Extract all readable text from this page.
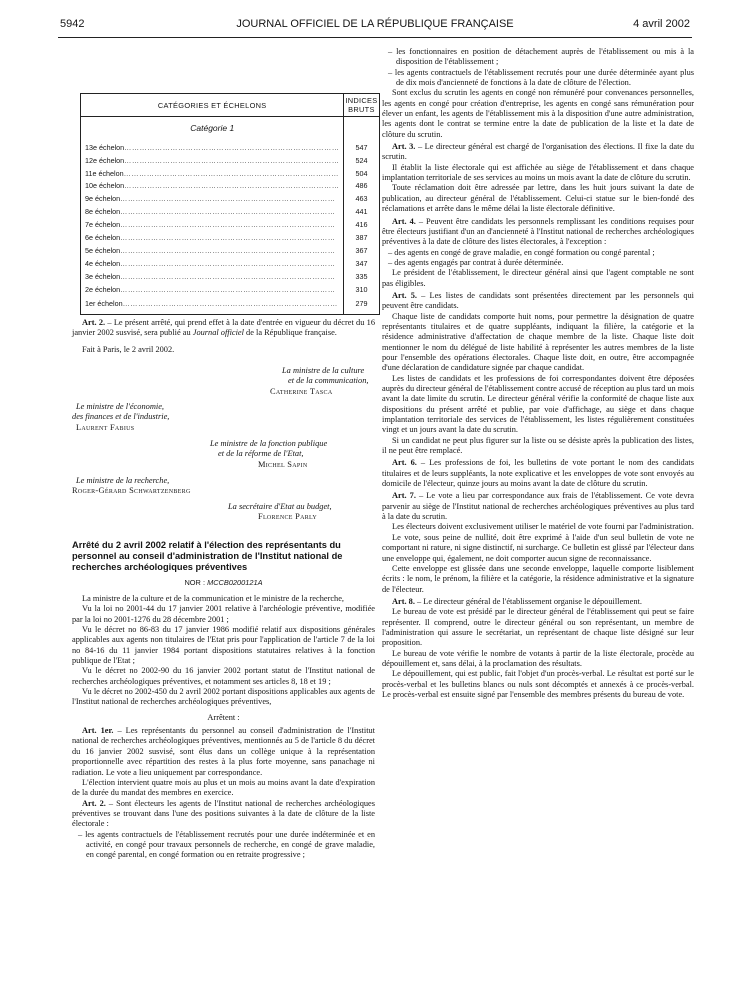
5942	JOURNAL OFFICIEL DE LA RÉPUBLIQUE FRANÇAISE	4 avril 2002
CATÉGORIES ET ÉCHELONS	INDICES BRUTS
Catégorie 1	
13e échelon…………………………………………………………………………	547
12e échelon…………………………………………………………………………	524
11e échelon…………………………………………………………………………	504
10e échelon…………………………………………………………………………	486
9e échelon…………………………………………………………………………	463
8e échelon…………………………………………………………………………	441
7e échelon…………………………………………………………………………	416
6e échelon…………………………………………………………………………	387
5e échelon…………………………………………………………………………	367
4e échelon…………………………………………………………………………	347
3e échelon…………………………………………………………………………	335
2e échelon…………………………………………………………………………	310
1er échelon…………………………………………………………………………	279

Art. 2. – Le présent arrêté, qui prend effet à la date d'entrée en vigueur du décret du 16 janvier 2002 susvisé, sera publié au Journal officiel de la République française.

Fait à Paris, le 2 avril 2002.

La ministre de la culture
et de la communication,
Catherine Tasca
Le ministre de l'économie,
des finances et de l'industrie,
Laurent Fabius
Le ministre de la fonction publique
et de la réforme de l'Etat,
Michel Sapin
Le ministre de la recherche,
Roger-Gérard Schwartzenberg
La secrétaire d'Etat au budget,
Florence Parly
Arrêté du 2 avril 2002 relatif à l'élection des représentants du personnel au conseil d'administration de l'Institut national de recherches archéologiques préventives
NOR : MCCB0200121A

La ministre de la culture et de la communication et le ministre de la recherche,

Vu la loi no 2001-44 du 17 janvier 2001 relative à l'archéologie préventive, modifiée par la loi no 2001-1276 du 28 décembre 2001 ;

Vu le décret no 86-83 du 17 janvier 1986 modifié relatif aux dispositions générales applicables aux agents non titulaires de l'Etat pris pour l'application de l'article 7 de la loi no 84-16 du 11 janvier 1984 portant dispositions statutaires relatives à la fonction publique de l'Etat ;

Vu le décret no 2002-90 du 16 janvier 2002 portant statut de l'Institut national de recherches archéologiques préventives, et notamment ses articles 8, 18 et 19 ;

Vu le décret no 2002-450 du 2 avril 2002 portant dispositions applicables aux agents de l'Institut national de recherches archéologiques préventives,

Arrêtent :

Art. 1er. – Les représentants du personnel au conseil d'administration de l'Institut national de recherches archéologiques préventives, mentionnés au 5 de l'article 8 du décret du 16 janvier 2002 susvisé, sont élus dans un collège unique à la représentation proportionnelle avec répartition des restes à la plus forte moyenne, sans panachage ni radiation. Le vote a lieu uniquement par correspondance.

L'élection intervient quatre mois au plus et un mois au moins avant la date d'expiration de la durée du mandat des membres en exercice.

Art. 2. – Sont électeurs les agents de l'Institut national de recherches archéologiques préventives se trouvant dans l'une des positions suivantes à la date de clôture de la liste électorale :

– les agents contractuels de l'établissement recrutés pour une durée indéterminée et en activité, en congé pour travaux personnels de recherche, en congé de grave maladie, en congé parental, en congé formation ou en retraite progressive ;

– les fonctionnaires en position de détachement auprès de l'établissement ou mis à la disposition de l'établissement ;

– les agents contractuels de l'établissement recrutés pour une durée déterminée ayant plus de dix mois d'ancienneté de fonctions à la date de clôture de l'élection.

Sont exclus du scrutin les agents en congé non rémunéré pour convenances personnelles, les agents en congé pour création d'entreprise, les agents en congé sans rémunération pour élever un enfant, les agents de l'établissement mis à la disposition d'une autre administration, les agents dont le contrat se termine entre la date de publication de la liste et la date de clôture du scrutin.

Art. 3. – Le directeur général est chargé de l'organisation des élections. Il fixe la date du scrutin.

Il établit la liste électorale qui est affichée au siège de l'établissement et dans chaque implantation territoriale de ses services au moins un mois avant la date de clôture du scrutin.

Toute réclamation doit être adressée par lettre, dans les huit jours suivant la date de publication, au directeur général de l'établissement. Celui-ci statue sur le bien-fondé des réclamations et arrête dans le même délai la liste électorale définitive.

Art. 4. – Peuvent être candidats les personnels remplissant les conditions requises pour être électeurs justifiant d'un an d'ancienneté à l'Institut national de recherches archéologiques préventives à la date de clôture des listes électorales, à l'exception :

– des agents en congé de grave maladie, en congé formation ou congé parental ;

– des agents engagés par contrat à durée déterminée.

Le président de l'établissement, le directeur général ainsi que l'agent comptable ne sont pas éligibles.

Art. 5. – Les listes de candidats sont présentées directement par les personnels qui peuvent être candidats.

Chaque liste de candidats comporte huit noms, pour permettre la désignation de quatre représentants titulaires et de quatre suppléants, indiquant la filière, la catégorie et la résidence administrative d'affectation de chaque membre de la liste. Chaque liste doit mentionner le nom du délégué de liste habilité à représenter les autres membres de la liste pour l'ensemble des opérations électorales. Chaque liste doit, en outre, être accompagnée d'une déclaration de candidature signée par chaque candidat.

Les listes de candidats et les professions de foi correspondantes doivent être déposées auprès du directeur général de l'établissement contre accusé de réception au plus tard un mois avant la date limite du scrutin. Le directeur général vérifie la conformité de chaque liste aux dispositions du présent arrêté et publie, par voie d'affichage, au siège et dans chaque implantation territoriale des services de l'établissement, les listes régulièrement constituées vingt et un jours avant la date du scrutin.

Si un candidat ne peut plus figurer sur la liste ou se désiste après la publication des listes, il ne peut être remplacé.

Art. 6. – Les professions de foi, les bulletins de vote portant le nom des candidats titulaires et de leurs suppléants, la note explicative et les enveloppes de vote sont envoyés au domicile de l'électeur, quinze jours au moins avant la date de clôture du scrutin.

Art. 7. – Le vote a lieu par correspondance aux frais de l'établissement. Ce vote devra parvenir au siège de l'Institut national de recherches archéologiques préventives au plus tard à la date du scrutin.

Les électeurs doivent exclusivement utiliser le matériel de vote fourni par l'administration.

Le vote, sous peine de nullité, doit être exprimé à l'aide d'un seul bulletin de vote ne comportant ni rature, ni signe distinctif, ni surcharge. Ce bulletin est glissé par l'électeur dans une enveloppe qui, également, ne doit comporter aucun signe de reconnaissance.

Cette enveloppe est glissée dans une seconde enveloppe, laquelle comporte lisiblement écrits : le nom, le prénom, la filière et la catégorie, la résidence administrative et la signature de l'électeur.

Art. 8. – Le directeur général de l'établissement organise le dépouillement.

Le bureau de vote est présidé par le directeur général de l'établissement qui peut se faire représenter. Il comprend, outre le directeur général ou son représentant, un membre de l'administration qui assure le secrétariat, un représentant de chaque liste désigné sur leur proposition.

Le bureau de vote vérifie le nombre de votants à partir de la liste électorale, procède au dépouillement et, sans délai, à la proclamation des résultats.

Le dépouillement, qui est public, fait l'objet d'un procès-verbal. Le résultat est porté sur le procès-verbal et les bulletins blancs ou nuls sont décomptés et annexés à ce procès-verbal. Le procès-verbal est ensuite signé par l'ensemble des membres présents du bureau de vote.
